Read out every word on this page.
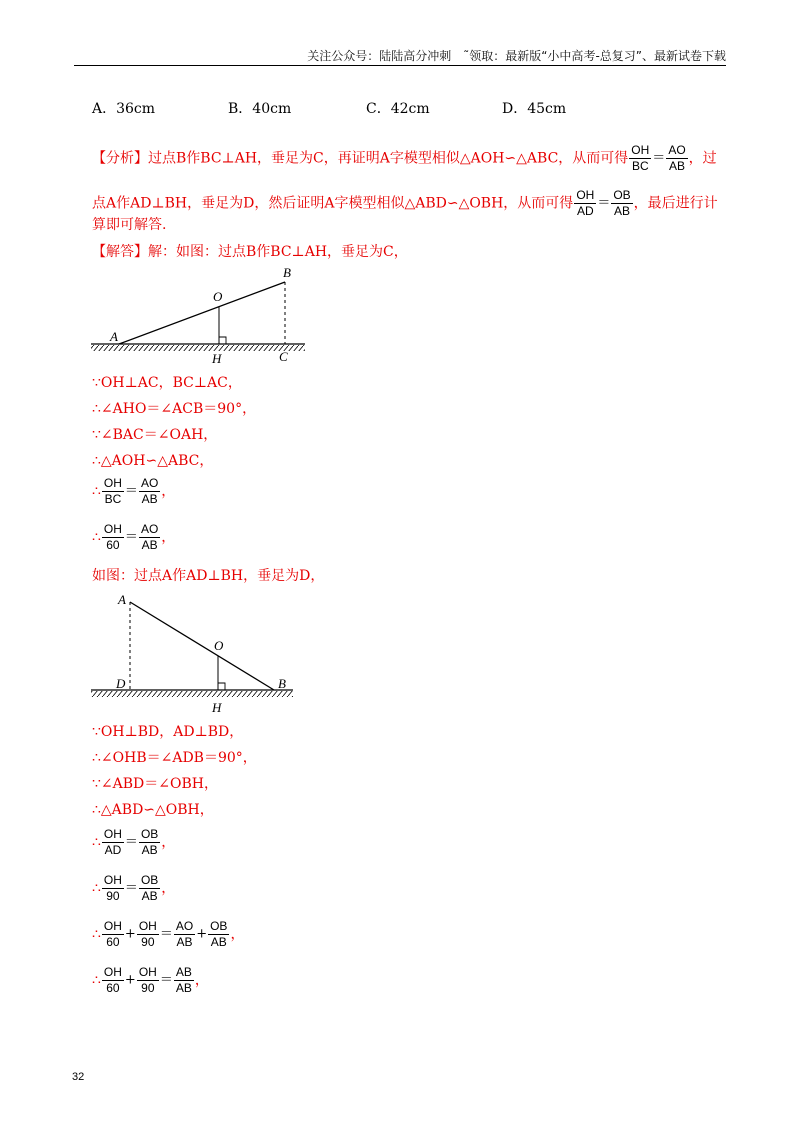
关注公众号：陆陆高分冲刺　˜领取：最新版“小中高考-总复习”、最新试卷下载
A．36cm	B．40cm	C．42cm	D．45cm
【分析】过点B作BC⊥AH，垂足为C，再证明A字模型相似△AOH∽△ABC，从而可得 $\frac{OH}{BC} = \frac{AO}{AB}$ ，过
点A作AD⊥BH，垂足为D，然后证明A字模型相似△ABD∽△OBH，从而可得 $\frac{OH}{AD} = \frac{OB}{AB}$ ，最后进行计
算即可解答.
【解答】解：如图：过点B作BC⊥AH，垂足为C，
A
B
O
H	C
∵OH⊥AC，BC⊥AC，
∴∠AHO＝∠ACB＝90°，
∵∠BAC＝∠OAH，
∴△AOH∽△ABC，
∴ $\frac{OH}{BC} = \frac{AO}{AB}$ ，
∴ $\frac{OH}{60} = \frac{AO}{AB}$ ，
如图：过点A作AD⊥BH，垂足为D，
A
B
O
H
D
∵OH⊥BD，AD⊥BD，
∴∠OHB＝∠ADB＝90°，
∵∠ABD＝∠OBH，
∴△ABD∽△OBH，
∴ $\frac{OH}{AD} = \frac{OB}{AB}$ ，
∴ $\frac{OH}{90} = \frac{OB}{AB}$ ，
∴ $\frac{OH}{60} + \frac{OH}{90} = \frac{AO}{AB} + \frac{OB}{AB}$ ，
∴ $\frac{OH}{60} + \frac{OH}{90} = \frac{AB}{AB}$ ，
32
